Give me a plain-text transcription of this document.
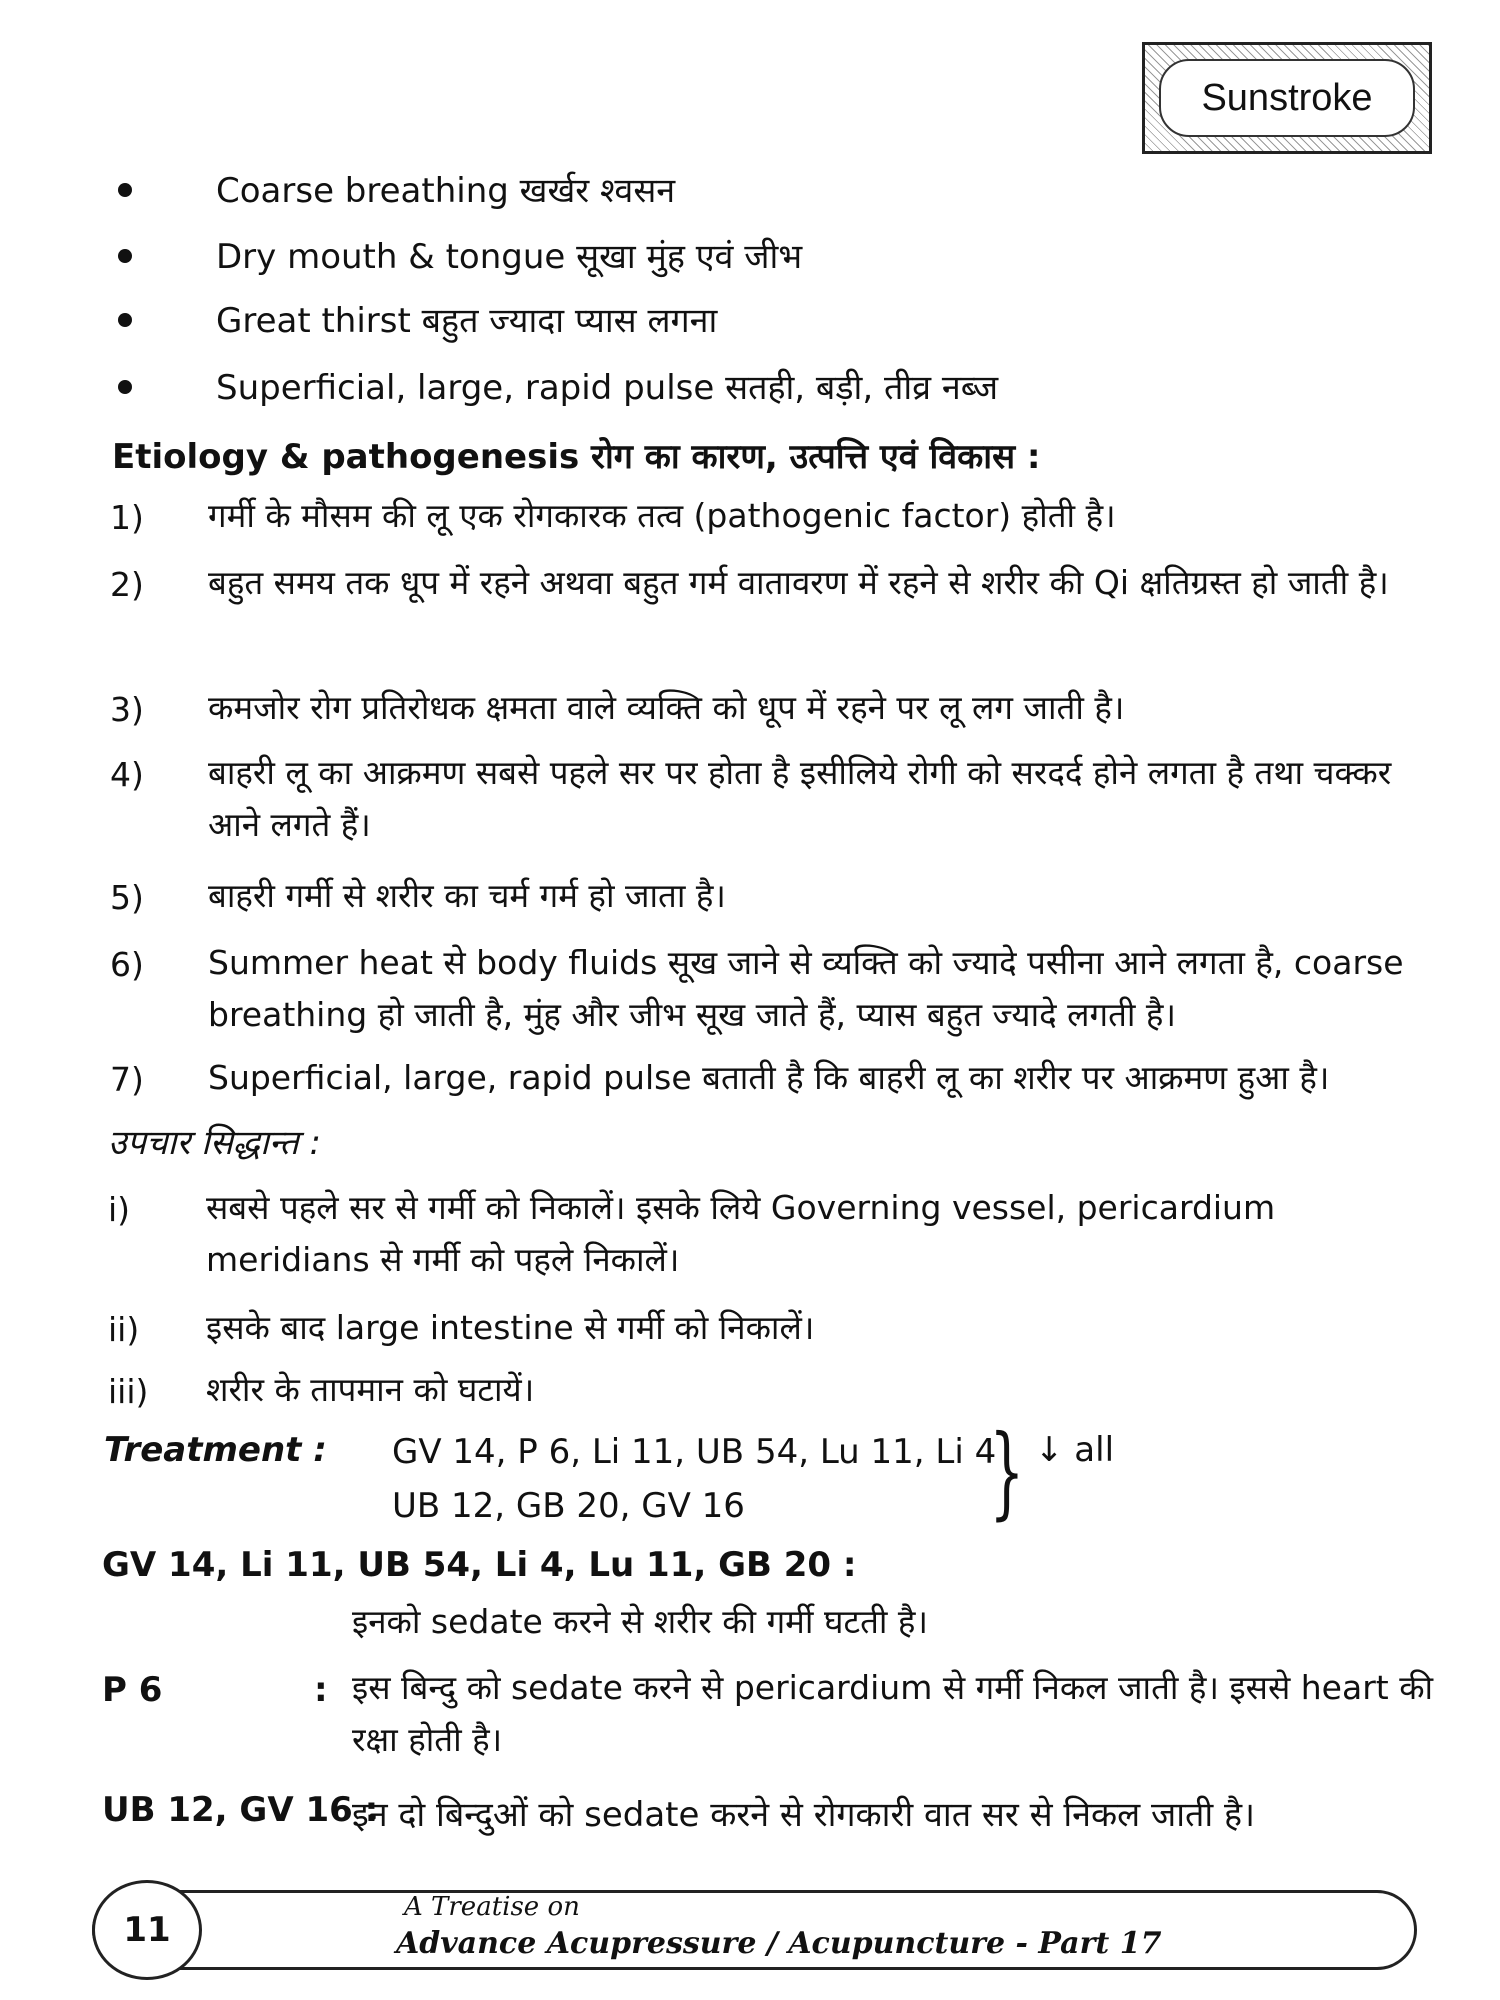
Sunstroke
Coarse breathing खर्खर श्वसन
Dry mouth & tongue सूखा मुंह एवं जीभ
Great thirst बहुत ज्यादा प्यास लगना
Superficial, large, rapid pulse सतही, बड़ी, तीव्र नब्ज
Etiology & pathogenesis रोग का कारण, उत्पत्ति एवं विकास :
1) गर्मी के मौसम की लू एक रोगकारक तत्व (pathogenic factor) होती है।
2) बहुत समय तक धूप में रहने अथवा बहुत गर्म वातावरण में रहने से शरीर की Qi क्षतिग्रस्त हो जाती है।
3) कमजोर रोग प्रतिरोधक क्षमता वाले व्यक्ति को धूप में रहने पर लू लग जाती है।
4) बाहरी लू का आक्रमण सबसे पहले सर पर होता है इसीलिये रोगी को सरदर्द होने लगता है तथा चक्कर आने लगते हैं।
5) बाहरी गर्मी से शरीर का चर्म गर्म हो जाता है।
6) Summer heat से body fluids सूख जाने से व्यक्ति को ज्यादे पसीना आने लगता है, coarse breathing हो जाती है, मुंह और जीभ सूख जाते हैं, प्यास बहुत ज्यादे लगती है।
7) Superficial, large, rapid pulse बताती है कि बाहरी लू का शरीर पर आक्रमण हुआ है।
उपचार सिद्धान्त :
i) सबसे पहले सर से गर्मी को निकालें। इसके लिये Governing vessel, pericardium meridians से गर्मी को पहले निकालें।
ii) इसके बाद large intestine से गर्मी को निकालें।
iii) शरीर के तापमान को घटायें।
Treatment : GV 14, P 6, Li 11, UB 54, Lu 11, Li 4
UB 12, GB 20, GV 16 } ↓ all
GV 14, Li 11, UB 54, Li 4, Lu 11, GB 20 :
इनको sedate करने से शरीर की गर्मी घटती है।
P 6	: इस बिन्दु को sedate करने से pericardium से गर्मी निकल जाती है। इससे heart की रक्षा होती है।
UB 12, GV 16 :
इन दो बिन्दुओं को sedate करने से रोगकारी वात सर से निकल जाती है।
11
A Treatise on
Advance Acupressure / Acupuncture - Part 17
